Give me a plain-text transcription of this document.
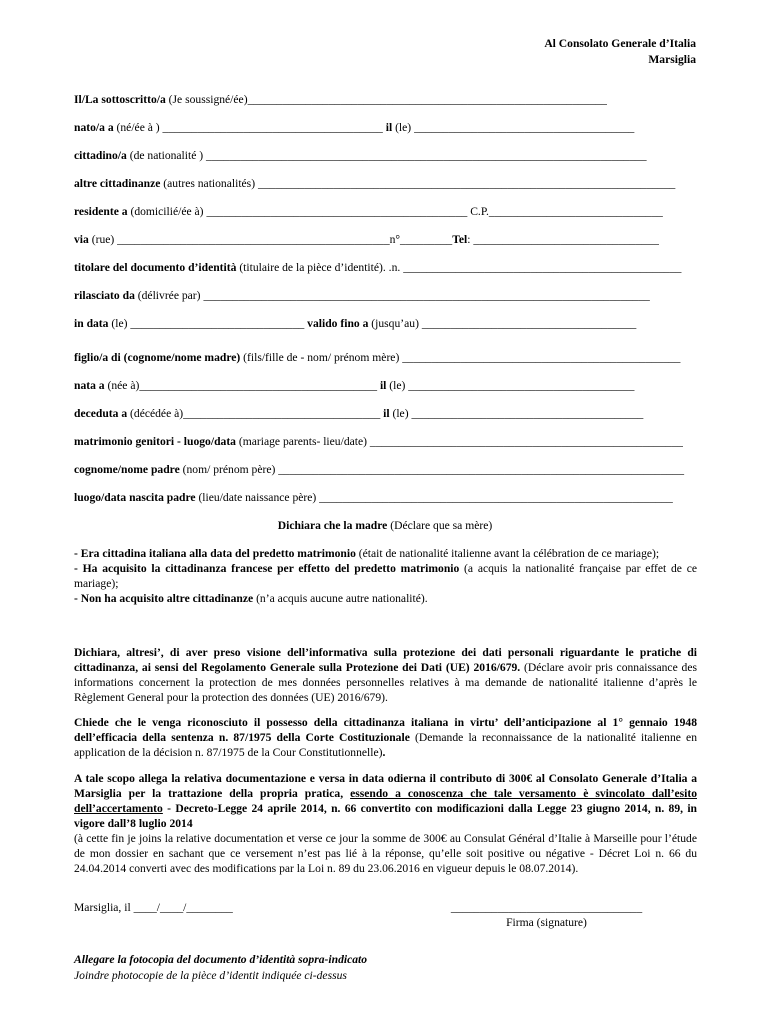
Al Consolato Generale d’Italia
Marsiglia
Il/La sottoscritto/a (Je soussigné/ée)______________________________________________________________
nato/a a (né/ée à ) ______________________________________ il (le) ______________________________________
cittadino/a (de nationalité ) ____________________________________________________________________________
altre cittadinanze (autres nationalités) ________________________________________________________________________
residente a (domicilié/ée à) _____________________________________________ C.P.______________________________
via (rue) _______________________________________________n°_________Tel: ________________________________
titolare del documento d’identità (titulaire de la pièce d’identité). .n. ________________________________________________
rilasciato da (délivrée par) _____________________________________________________________________________
in data (le) ______________________________ valido fino a (jusqu’au) _____________________________________
figlio/a di (cognome/nome madre) (fils/fille de - nom/ prénom mère) ________________________________________________
nata a (née à)_________________________________________ il (le) _______________________________________
deceduta a (décédée à)__________________________________ il (le) ________________________________________
matrimonio genitori - luogo/data (mariage parents- lieu/date) ______________________________________________________
cognome/nome padre (nom/ prénom père) ______________________________________________________________________
luogo/data nascita padre (lieu/date naissance père) _____________________________________________________________
Dichiara che la madre (Déclare que sa mère)

- Era cittadina italiana alla data del predetto matrimonio (était de nationalité italienne avant la célébration de ce mariage);

- Ha acquisito la cittadinanza francese per effetto del predetto matrimonio (a acquis la nationalité française par effet de ce mariage);

- Non ha acquisito altre cittadinanze (n’a acquis aucune autre nationalité).

Dichiara, altresi’, di aver preso visione dell’informativa sulla protezione dei dati personali riguardante le pratiche di cittadinanza, ai sensi del Regolamento Generale sulla Protezione dei Dati (UE) 2016/679. (Déclare avoir pris connaissance des informations concernent la protection de mes données personnelles relatives à ma demande de nationalité italienne d’après le Règlement General pour la protection des données (UE) 2016/679).
Chiede che le venga riconosciuto il possesso della cittadinanza italiana in virtu’ dell’anticipazione al 1° gennaio 1948 dell’efficacia della sentenza n. 87/1975 della Corte Costituzionale (Demande la reconnaissance de la nationalité italienne en application de la décision n. 87/1975 de la Cour Constitutionnelle).

A tale scopo allega la relativa documentazione e versa in data odierna il contributo di 300€ al Consolato Generale d’Italia a Marsiglia per la trattazione della propria pratica, essendo a conoscenza che tale versamento è svincolato dall’esito dell’accertamento - Decreto-Legge 24 aprile 2014, n. 66 convertito con modificazioni dalla Legge 23 giugno 2014, n. 89, in vigore dall’8 luglio 2014

(à cette fin je joins la relative documentation et verse ce jour la somme de 300€ au Consulat Général d’Italie à Marseille pour l’étude de mon dossier en sachant que ce versement n’est pas lié à la réponse, qu’elle soit positive ou négative - Décret Loi n. 66 du 24.04.2014 converti avec des modifications par la Loi n. 89 du 23.06.2016 en vigueur depuis le 08.07.2014).

Marsiglia, il ____/____/________	_________________________________
Firma (signature)
Allegare la fotocopia del documento d’identità sopra-indicato
Joindre photocopie de la pièce d’identit indiquée ci-dessus
